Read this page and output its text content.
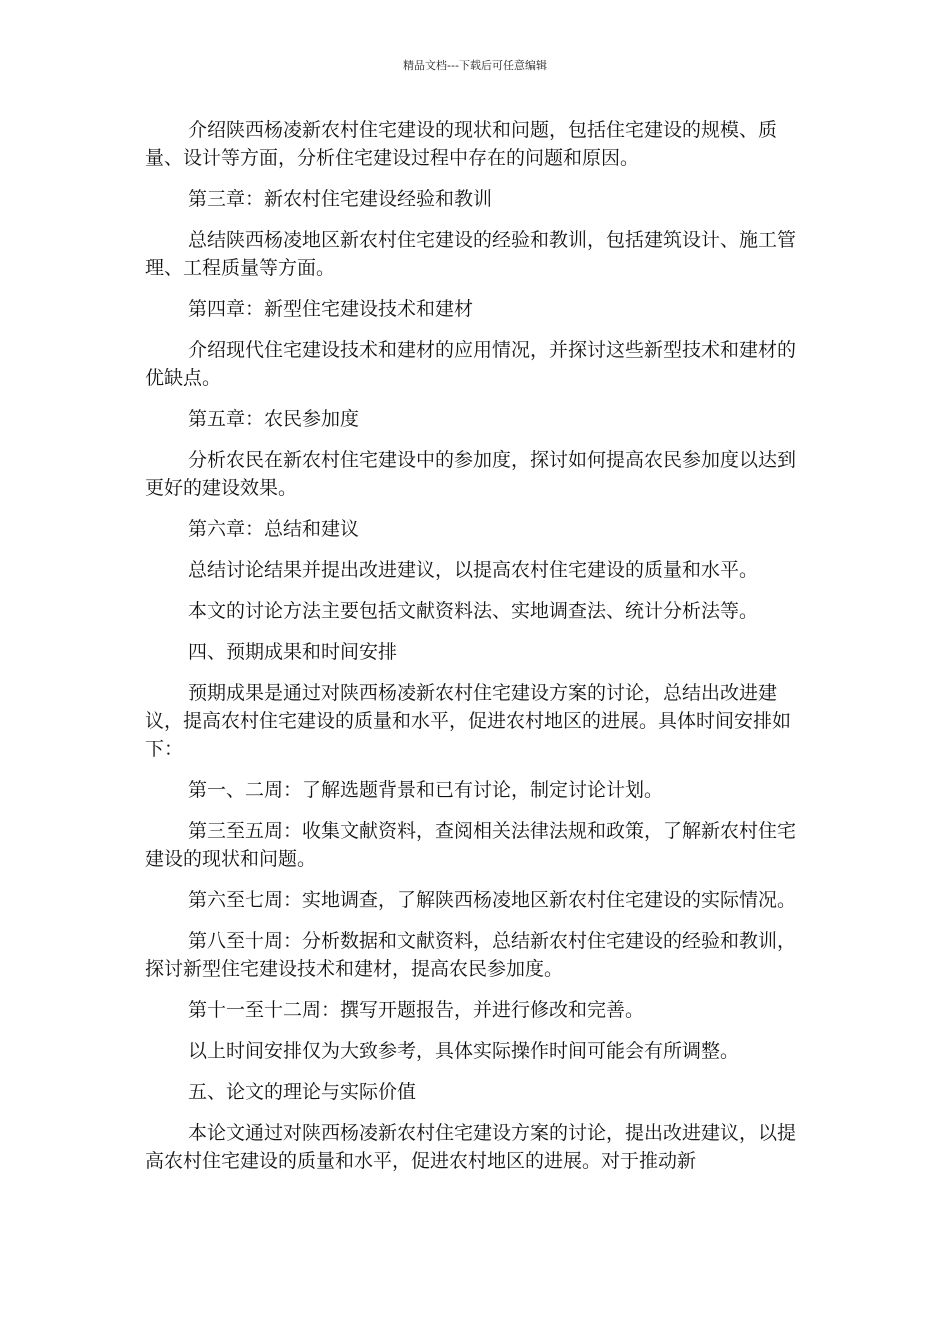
精品文档---下载后可任意编辑

介绍陕西杨凌新农村住宅建设的现状和问题，包括住宅建设的规模、质量、设计等方面，分析住宅建设过程中存在的问题和原因。

第三章：新农村住宅建设经验和教训

总结陕西杨凌地区新农村住宅建设的经验和教训，包括建筑设计、施工管理、工程质量等方面。

第四章：新型住宅建设技术和建材

介绍现代住宅建设技术和建材的应用情况，并探讨这些新型技术和建材的优缺点。

第五章：农民参加度

分析农民在新农村住宅建设中的参加度，探讨如何提高农民参加度以达到更好的建设效果。

第六章：总结和建议

总结讨论结果并提出改进建议，以提高农村住宅建设的质量和水平。

本文的讨论方法主要包括文献资料法、实地调查法、统计分析法等。

四、预期成果和时间安排

预期成果是通过对陕西杨凌新农村住宅建设方案的讨论，总结出改进建议，提高农村住宅建设的质量和水平，促进农村地区的进展。具体时间安排如下：

第一、二周：了解选题背景和已有讨论，制定讨论计划。

第三至五周：收集文献资料，查阅相关法律法规和政策，了解新农村住宅建设的现状和问题。

第六至七周：实地调查，了解陕西杨凌地区新农村住宅建设的实际情况。

第八至十周：分析数据和文献资料，总结新农村住宅建设的经验和教训，探讨新型住宅建设技术和建材，提高农民参加度。

第十一至十二周：撰写开题报告，并进行修改和完善。

以上时间安排仅为大致参考，具体实际操作时间可能会有所调整。

五、论文的理论与实际价值

本论文通过对陕西杨凌新农村住宅建设方案的讨论，提出改进建议，以提高农村住宅建设的质量和水平，促进农村地区的进展。对于推动新
